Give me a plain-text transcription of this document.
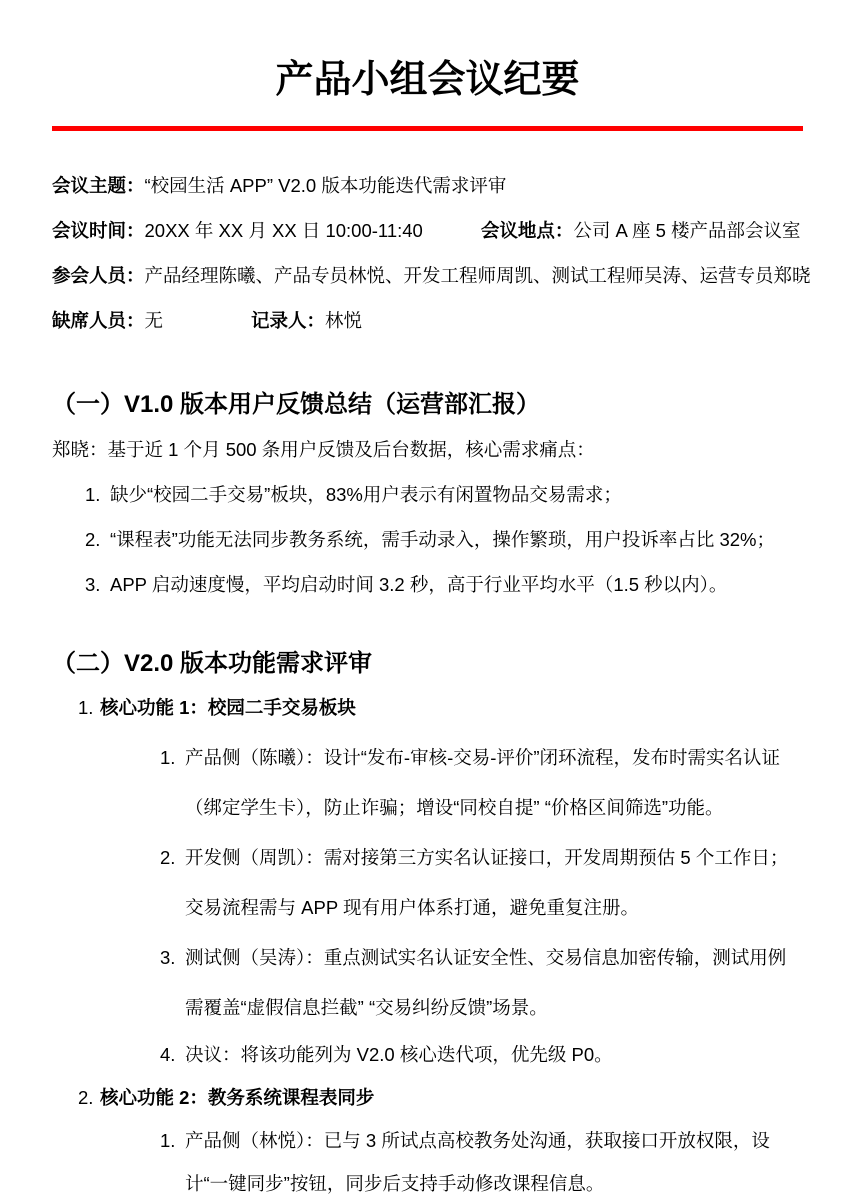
产品小组会议纪要
会议主题：“校园生活 APP” V2.0 版本功能迭代需求评审
会议时间：20XX 年 XX 月 XX 日 10:00-11:40	会议地点：公司 A 座 5 楼产品部会议室
参会人员：产品经理陈曦、产品专员林悦、开发工程师周凯、测试工程师吴涛、运营专员郑晓
缺席人员：无	记录人：林悦
（一）V1.0 版本用户反馈总结（运营部汇报）

郑晓：基于近 1 个月 500 条用户反馈及后台数据，核心需求痛点：

1. 缺少“校园二手交易”板块，83%用户表示有闲置物品交易需求；
2. “课程表”功能无法同步教务系统，需手动录入，操作繁琐，用户投诉率占比 32%；
3. APP 启动速度慢，平均启动时间 3.2 秒，高于行业平均水平（1.5 秒以内）。
（二）V2.0 版本功能需求评审
1. 核心功能 1：校园二手交易板块
1. 产品侧（陈曦）：设计“发布-审核-交易-评价”闭环流程，发布时需实名认证（绑定学生卡），防止诈骗；增设“同校自提” “价格区间筛选”功能。
2. 开发侧（周凯）：需对接第三方实名认证接口，开发周期预估 5 个工作日；交易流程需与 APP 现有用户体系打通，避免重复注册。
3. 测试侧（吴涛）：重点测试实名认证安全性、交易信息加密传输，测试用例需覆盖“虚假信息拦截” “交易纠纷反馈”场景。
4. 决议：将该功能列为 V2.0 核心迭代项，优先级 P0。
2. 核心功能 2：教务系统课程表同步
1. 产品侧（林悦）：已与 3 所试点高校教务处沟通，获取接口开放权限，设计“一键同步”按钮，同步后支持手动修改课程信息。
